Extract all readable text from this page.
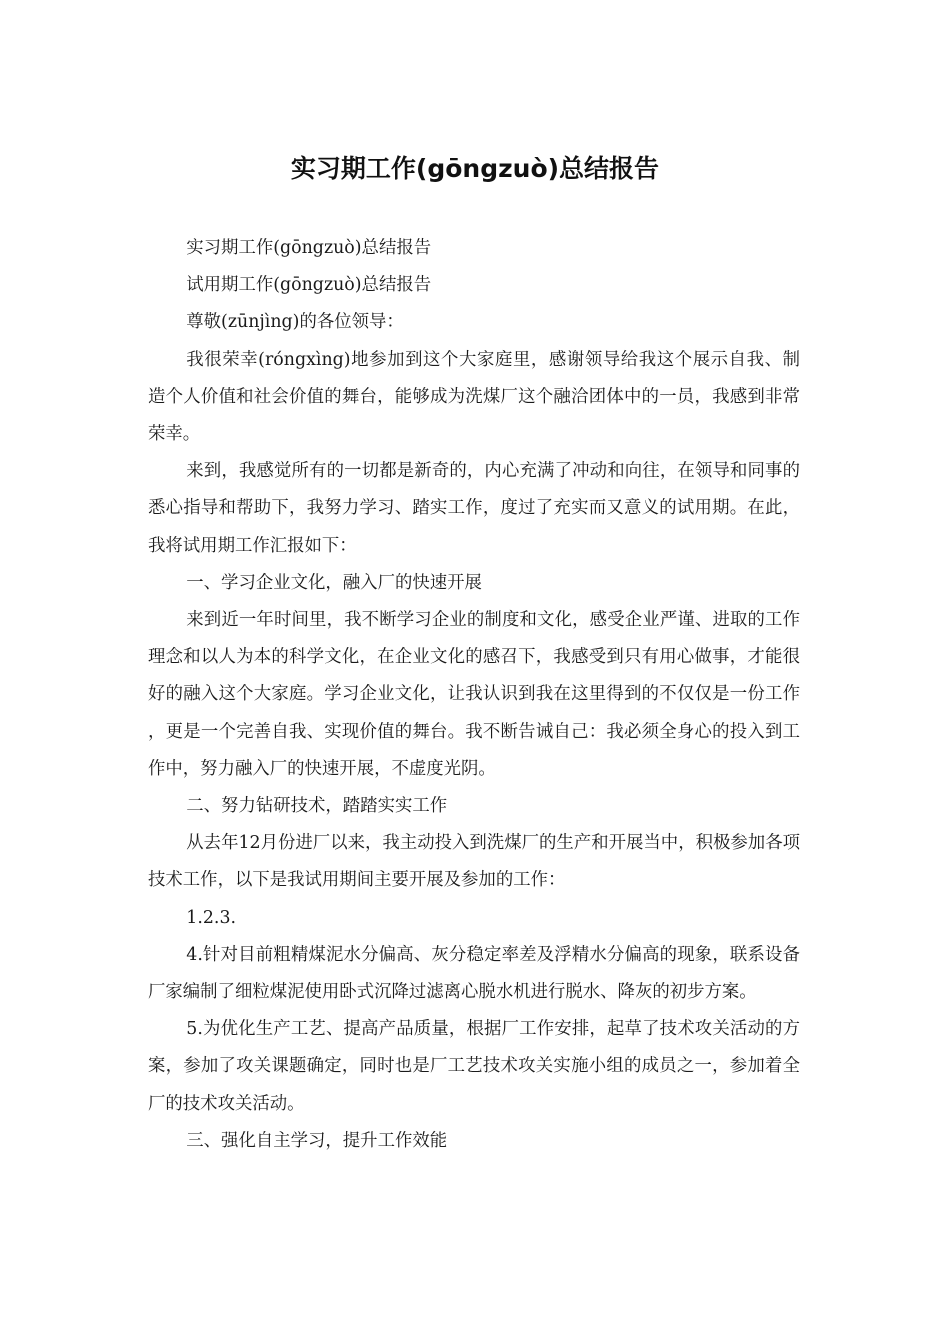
实习期工作(gōngzuò)总结报告

实习期工作(gōngzuò)总结报告

试用期工作(gōngzuò)总结报告

尊敬(zūnjìng)的各位领导：

我很荣幸(róngxìng)地参加到这个大家庭里，感谢领导给我这个展示自我、制造个人价值和社会价值的舞台，能够成为洗煤厂这个融洽团体中的一员，我感到非常荣幸。

来到，我感觉所有的一切都是新奇的，内心充满了冲动和向往，在领导和同事的悉心指导和帮助下，我努力学习、踏实工作，度过了充实而又意义的试用期。在此，我将试用期工作汇报如下：

一、学习企业文化，融入厂的快速开展

来到近一年时间里，我不断学习企业的制度和文化，感受企业严谨、进取的工作理念和以人为本的科学文化，在企业文化的感召下，我感受到只有用心做事，才能很好的融入这个大家庭。学习企业文化，让我认识到我在这里得到的不仅仅是一份工作，更是一个完善自我、实现价值的舞台。我不断告诫自己：我必须全身心的投入到工作中，努力融入厂的快速开展，不虚度光阴。

二、努力钻研技术，踏踏实实工作

从去年12月份进厂以来，我主动投入到洗煤厂的生产和开展当中，积极参加各项技术工作，以下是我试用期间主要开展及参加的工作：

1.2.3.

4.针对目前粗精煤泥水分偏高、灰分稳定率差及浮精水分偏高的现象，联系设备厂家编制了细粒煤泥使用卧式沉降过滤离心脱水机进行脱水、降灰的初步方案。

5.为优化生产工艺、提高产品质量，根据厂工作安排，起草了技术攻关活动的方案，参加了攻关课题确定，同时也是厂工艺技术攻关实施小组的成员之一，参加着全厂的技术攻关活动。

三、强化自主学习，提升工作效能
